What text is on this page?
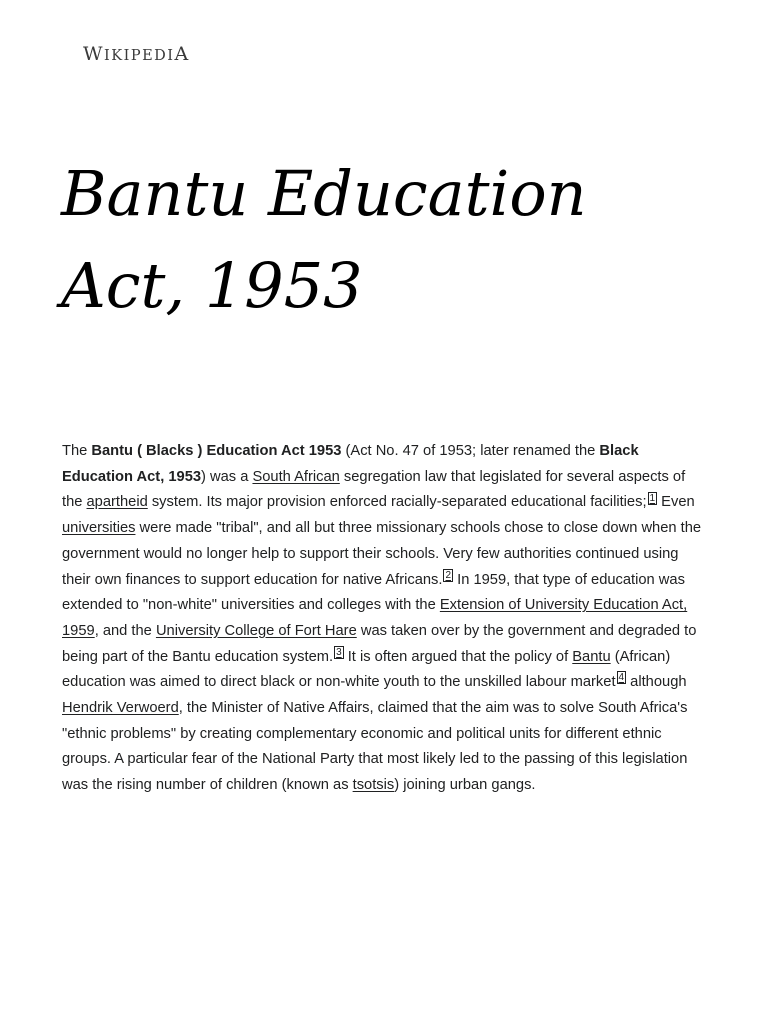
WIKIPEDIA
Bantu Education Act, 1953

The Bantu ( Blacks ) Education Act 1953 (Act No. 47 of 1953; later renamed the Black Education Act, 1953) was a South African segregation law that legislated for several aspects of the apartheid system. Its major provision enforced racially-separated educational facilities; $^1$ Even universities were made "tribal", and all but three missionary schools chose to close down when the government would no longer help to support their schools. Very few authorities continued using their own finances to support education for native Africans. $^2$ In 1959, that type of education was extended to "non-white" universities and colleges with the Extension of University Education Act, 1959, and the University College of Fort Hare was taken over by the government and degraded to being part of the Bantu education system. $^3$ It is often argued that the policy of Bantu (African) education was aimed to direct black or non-white youth to the unskilled labour market $^4$ although Hendrik Verwoerd, the Minister of Native Affairs, claimed that the aim was to solve South Africa's "ethnic problems" by creating complementary economic and political units for different ethnic groups. A particular fear of the National Party that most likely led to the passing of this legislation was the rising number of children (known as tsotsis) joining urban gangs.
